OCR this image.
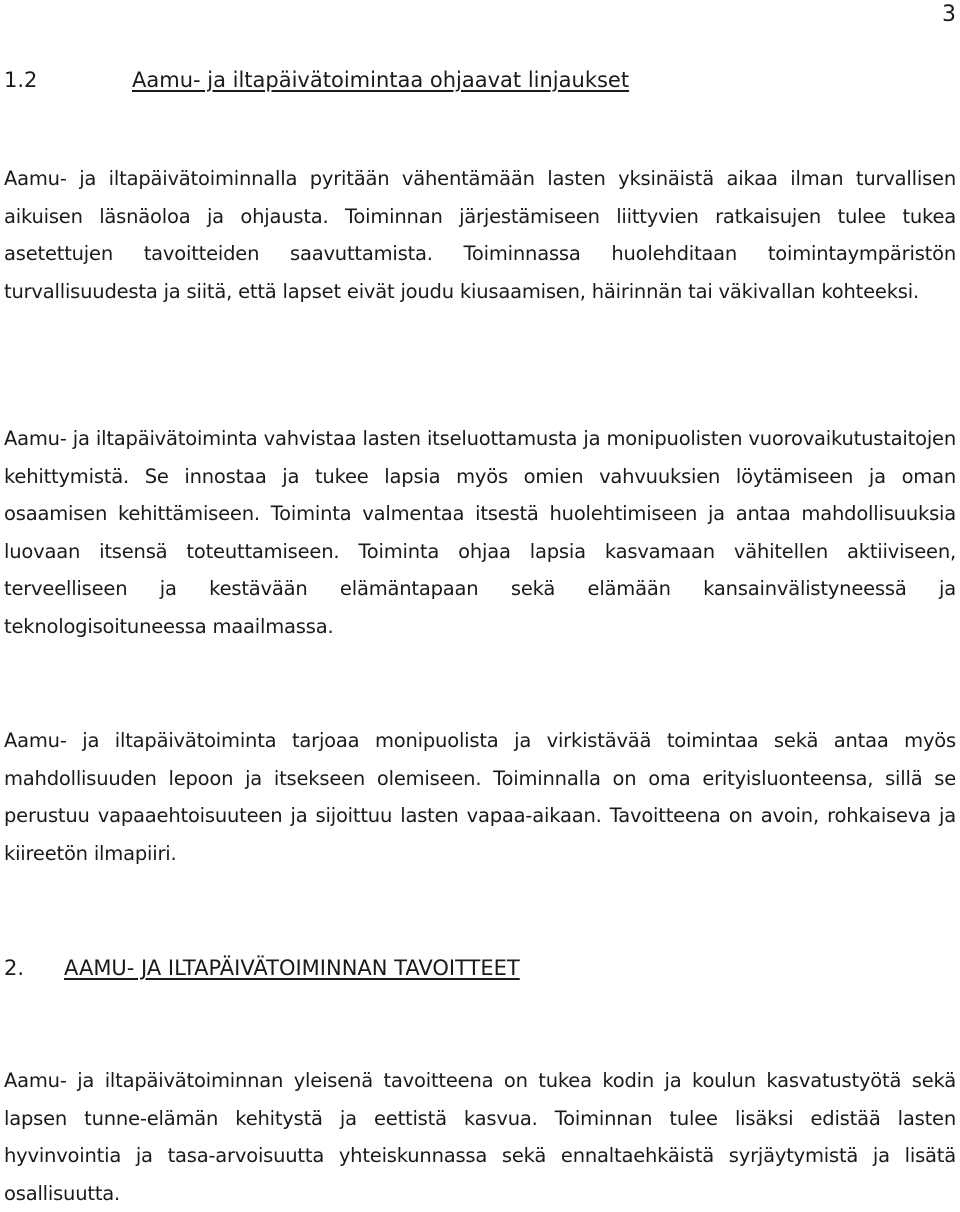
3
1.2	Aamu- ja iltapäivätoimintaa ohjaavat linjaukset

Aamu- ja iltapäivätoiminnalla pyritään vähentämään lasten yksinäistä aikaa ilman turvallisen aikuisen läsnäoloa ja ohjausta. Toiminnan järjestämiseen liittyvien ratkaisujen tulee tukea asetettujen tavoitteiden saavuttamista. Toiminnassa huolehditaan toimintaympäristön turvallisuudesta ja siitä, että lapset eivät joudu kiusaamisen, häirinnän tai väkivallan kohteeksi.

Aamu- ja iltapäivätoiminta vahvistaa lasten itseluottamusta ja monipuolisten vuorovaikutustaitojen kehittymistä. Se innostaa ja tukee lapsia myös omien vahvuuksien löytämiseen ja oman osaamisen kehittämiseen. Toiminta valmentaa itsestä huolehtimiseen ja antaa mahdollisuuksia luovaan itsensä toteuttamiseen. Toiminta ohjaa lapsia kasvamaan vähitellen aktiiviseen, terveelliseen ja kestävään elämäntapaan sekä elämään kansainvälistyneessä ja teknologisoituneessa maailmassa.

Aamu- ja iltapäivätoiminta tarjoaa monipuolista ja virkistävää toimintaa sekä antaa myös mahdollisuuden lepoon ja itsekseen olemiseen. Toiminnalla on oma erityisluonteensa, sillä se perustuu vapaaehtoisuuteen ja sijoittuu lasten vapaa-aikaan. Tavoitteena on avoin, rohkaiseva ja kiireetön ilmapiiri.

2. AAMU- JA ILTAPÄIVÄTOIMINNAN TAVOITTEET

Aamu- ja iltapäivätoiminnan yleisenä tavoitteena on tukea kodin ja koulun kasvatustyötä sekä lapsen tunne-elämän kehitystä ja eettistä kasvua. Toiminnan tulee lisäksi edistää lasten hyvinvointia ja tasa-arvoisuutta yhteiskunnassa sekä ennaltaehkäistä syrjäytymistä ja lisätä osallisuutta.
